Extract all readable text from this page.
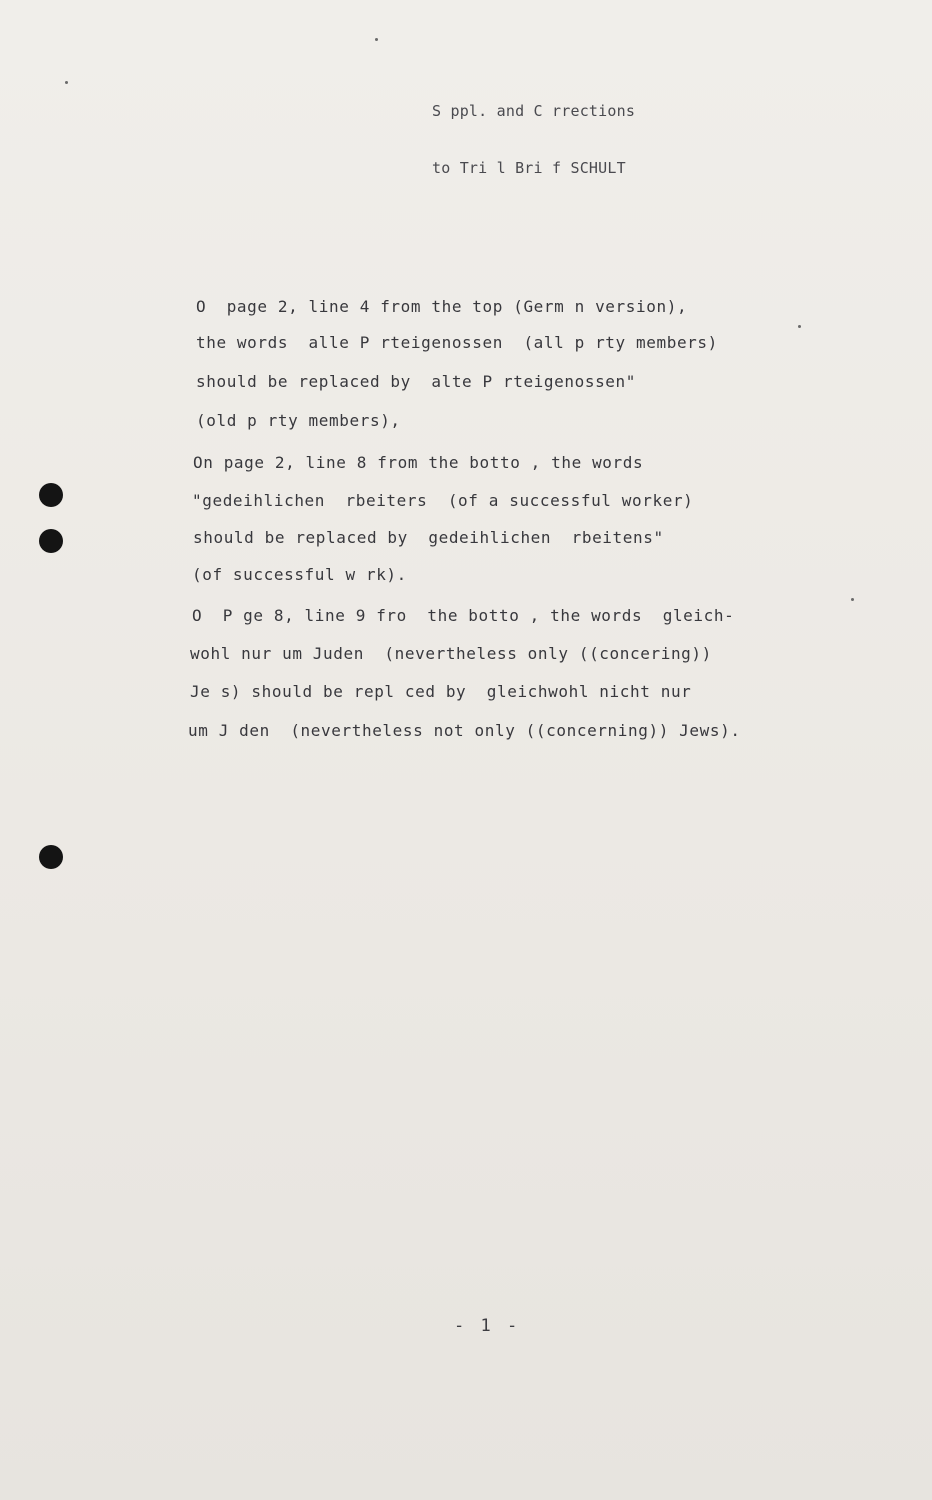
S ppl. and C rrections

to Tri l Bri f SCHULT

O  page 2, line 4 from the top (Germ n version),
the words  alle P rteigenossen  (all p rty members)
should be replaced by  alte P rteigenossen"
(old p rty members),
On page 2, line 8 from the botto , the words
"gedeihlichen  rbeiters  (of a successful worker)
should be replaced by  gedeihlichen  rbeitens"
(of successful w rk).
O  P ge 8, line 9 fro  the botto , the words  gleich-
wohl nur um Juden  (nevertheless only ((concering))
Je s) should be repl ced by  gleichwohl nicht nur
um J den  (nevertheless not only ((concerning)) Jews).
- 1 -
